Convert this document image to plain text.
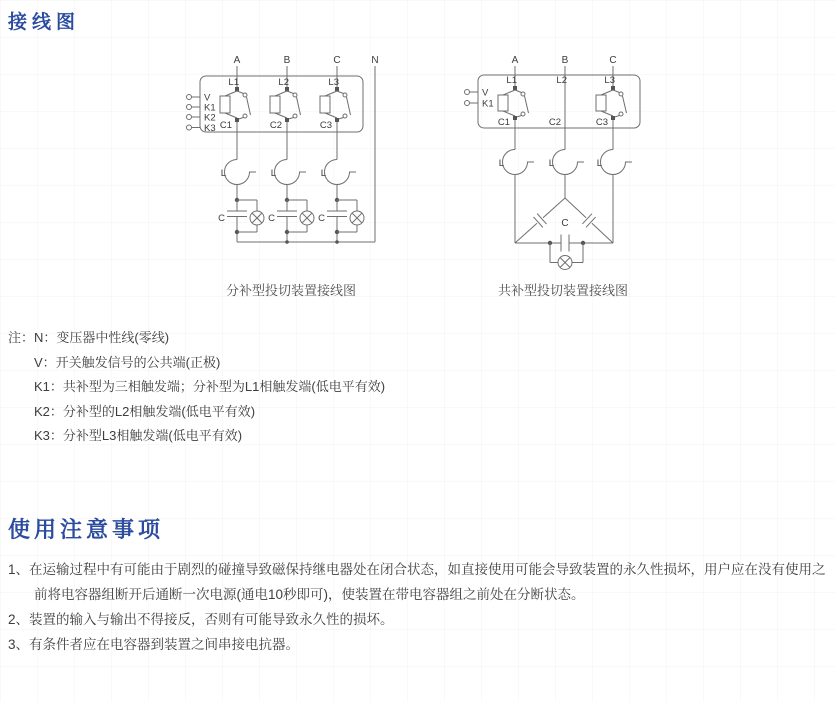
接线图
A	B	C	N
V
K1
K2
K3
L1
C1
L2
C2
L3
C3
L	L	L
C	C	C
A	B	C
V
K1
L1
C1
L2
C2
L3
C3
L	L	L
C
分补型投切装置接线图	共补型投切装置接线图
注： N：变压器中性线(零线)
V：开关触发信号的公共端(正极)
K1：共补型为三相触发端；分补型为L1相触发端(低电平有效)
K2：分补型的L2相触发端(低电平有效)
K3：分补型L3相触发端(低电平有效)
使用注意事项
1、在运输过程中有可能由于剧烈的碰撞导致磁保持继电器处在闭合状态，如直接使用可能会导致装置的永久性损坏，用户应在没有使用之前将电容器组断开后通断一次电源(通电10秒即可)，使装置在带电容器组之前处在分断状态。
2、装置的输入与输出不得接反，否则有可能导致永久性的损坏。
3、有条件者应在电容器到装置之间串接电抗器。
